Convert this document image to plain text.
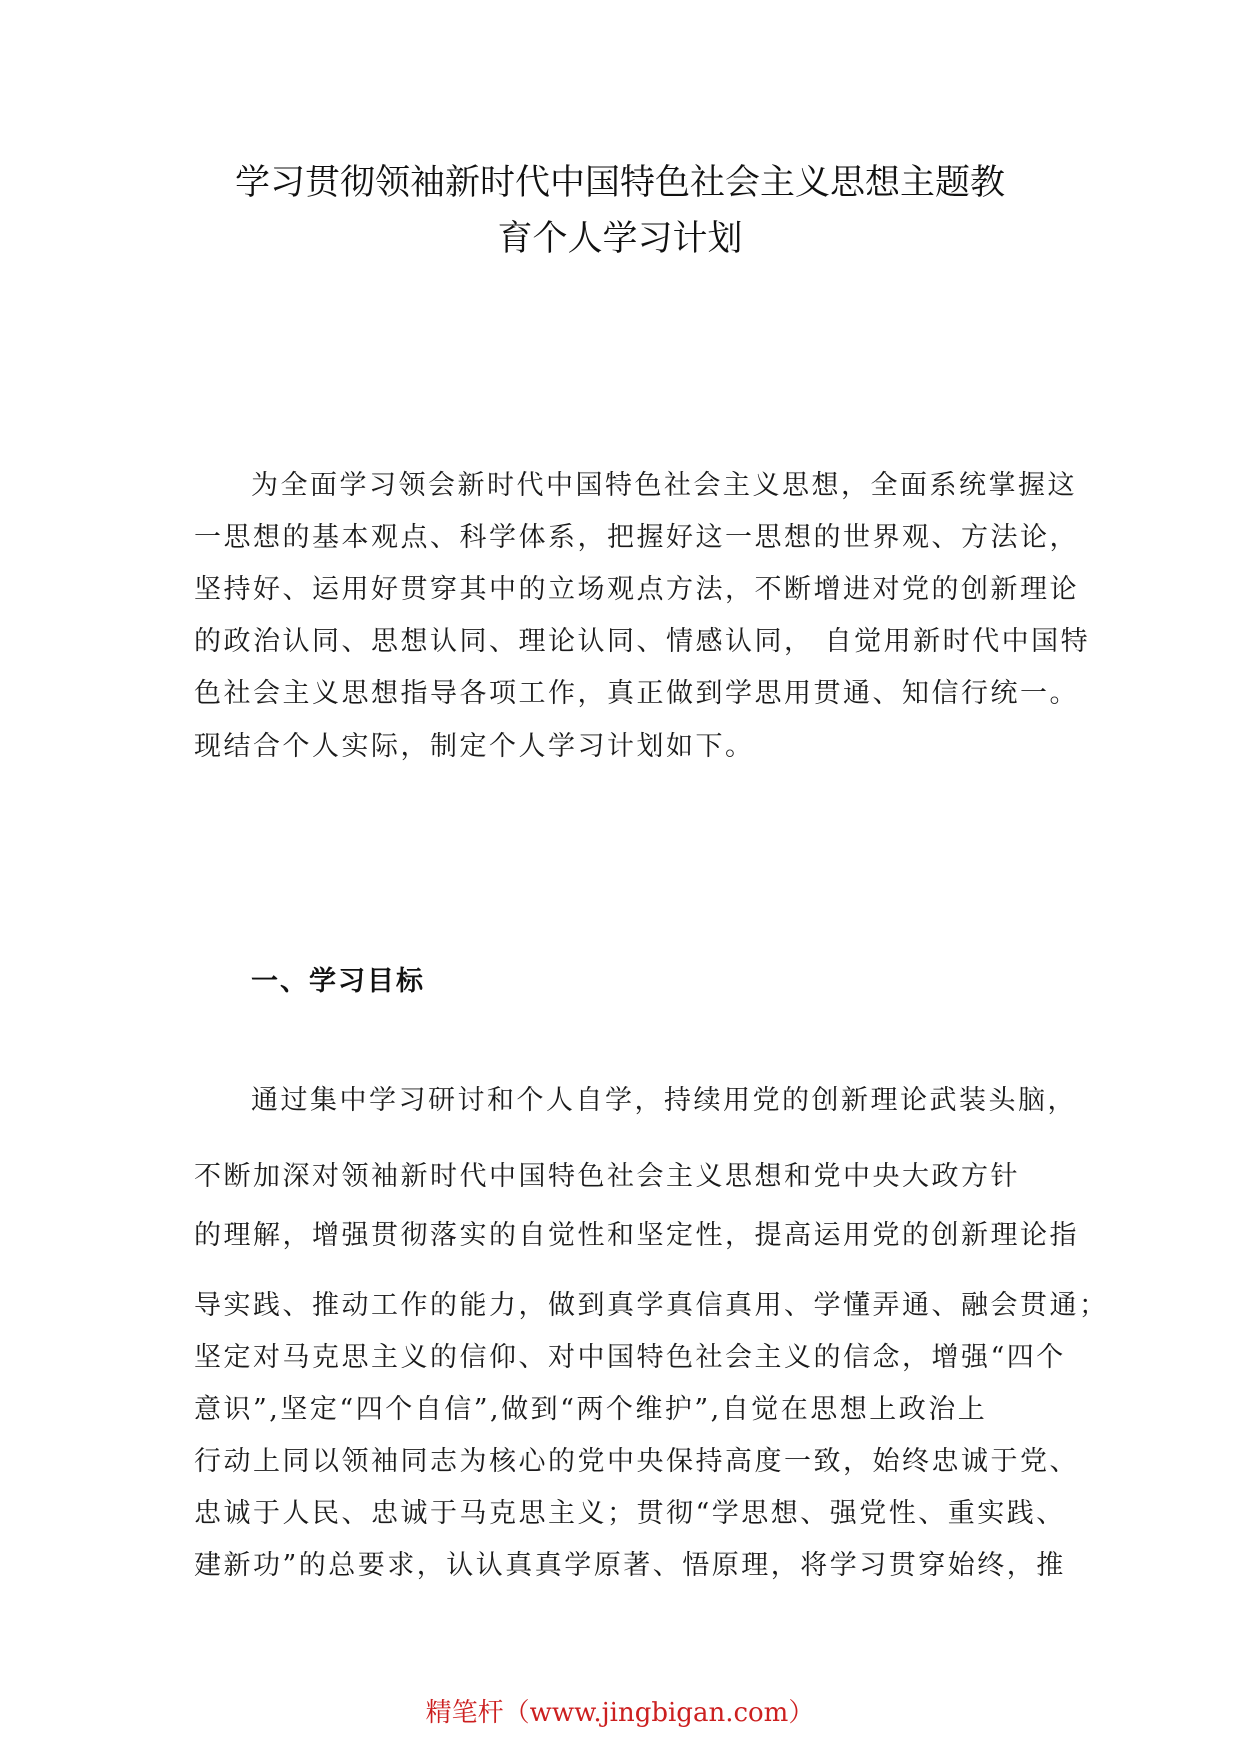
学习贯彻领袖新时代中国特色社会主义思想主题教
育个人学习计划
为全面学习领会新时代中国特色社会主义思想，全面系统掌握这
一思想的基本观点、科学体系，把握好这一思想的世界观、方法论，
坚持好、运用好贯穿其中的立场观点方法，不断增进对党的创新理论
的政治认同、思想认同、理论认同、情感认同， 自觉用新时代中国特
色社会主义思想指导各项工作，真正做到学思用贯通、知信行统一。
现结合个人实际，制定个人学习计划如下。
一、学习目标
通过集中学习研讨和个人自学，持续用党的创新理论武装头脑，
不断加深对领袖新时代中国特色社会主义思想和党中央大政方针
的理解，增强贯彻落实的自觉性和坚定性，提高运用党的创新理论指
导实践、推动工作的能力，做到真学真信真用、学懂弄通、融会贯通；
坚定对马克思主义的信仰、对中国特色社会主义的信念，增强“四个
意识”,坚定“四个自信”,做到“两个维护”,自觉在思想上政治上
行动上同以领袖同志为核心的党中央保持高度一致，始终忠诚于党、
忠诚于人民、忠诚于马克思主义；贯彻“学思想、强党性、重实践、
建新功”的总要求，认认真真学原著、悟原理，将学习贯穿始终，推
精笔杆（www.jingbigan.com）
